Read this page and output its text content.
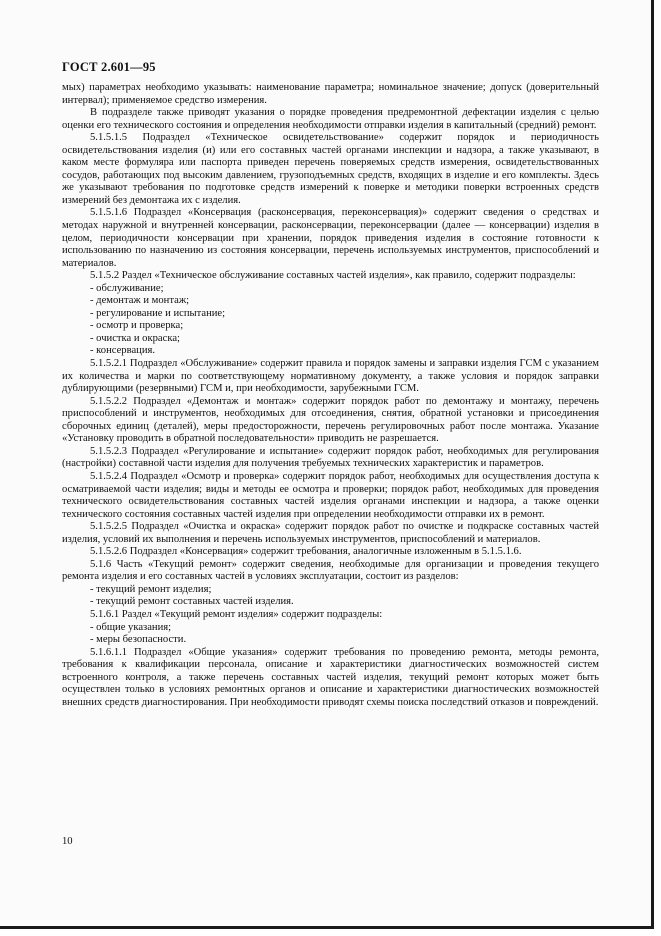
ГОСТ 2.601—95

мых) параметрах необходимо указывать: наименование параметра; номинальное значение; допуск (доверительный интервал); применяемое средство измерения.

В подразделе также приводят указания о порядке проведения предремонтной дефектации изделия с целью оценки его технического состояния и определения необходимости отправки изделия в капитальный (средний) ремонт.

5.1.5.1.5 Подраздел «Техническое освидетельствование» содержит порядок и периодичность освидетельствования изделия (и) или его составных частей органами инспекции и надзора, а также указывают, в каком месте формуляра или паспорта приведен перечень поверяемых средств измерения, освидетельствованных сосудов, работающих под высоким давлением, грузоподъемных средств, входящих в изделие и его комплекты. Здесь же указывают требования по подготовке средств измерений к поверке и методики поверки встроенных средств измерений без демонтажа их с изделия.

5.1.5.1.6 Подраздел «Консервация (расконсервация, переконсервация)» содержит сведения о средствах и методах наружной и внутренней консервации, расконсервации, переконсервации (далее — консервации) изделия в целом, периодичности консервации при хранении, порядок приведения изделия в состояние готовности к использованию по назначению из состояния консервации, перечень используемых инструментов, приспособлений и материалов.

5.1.5.2 Раздел «Техническое обслуживание составных частей изделия», как правило, содержит подразделы:

- обслуживание;

- демонтаж и монтаж;

- регулирование и испытание;

- осмотр и проверка;

- очистка и окраска;

- консервация.

5.1.5.2.1 Подраздел «Обслуживание» содержит правила и порядок замены и заправки изделия ГСМ с указанием их количества и марки по соответствующему нормативному документу, а также условия и порядок заправки дублирующими (резервными) ГСМ и, при необходимости, зарубежными ГСМ.

5.1.5.2.2 Подраздел «Демонтаж и монтаж» содержит порядок работ по демонтажу и монтажу, перечень приспособлений и инструментов, необходимых для отсоединения, снятия, обратной установки и присоединения сборочных единиц (деталей), меры предосторожности, перечень регулировочных работ после монтажа. Указание «Установку проводить в обратной последовательности» приводить не разрешается.

5.1.5.2.3 Подраздел «Регулирование и испытание» содержит порядок работ, необходимых для регулирования (настройки) составной части изделия для получения требуемых технических характеристик и параметров.

5.1.5.2.4 Подраздел «Осмотр и проверка» содержит порядок работ, необходимых для осуществления доступа к осматриваемой части изделия; виды и методы ее осмотра и проверки; порядок работ, необходимых для проведения технического освидетельствования составных частей изделия органами инспекции и надзора, а также оценки технического состояния составных частей изделия при определении необходимости отправки их в ремонт.

5.1.5.2.5 Подраздел «Очистка и окраска» содержит порядок работ по очистке и подкраске составных частей изделия, условий их выполнения и перечень используемых инструментов, приспособлений и материалов.

5.1.5.2.6 Подраздел «Консервация» содержит требования, аналогичные изложенным в 5.1.5.1.6.

5.1.6 Часть «Текущий ремонт» содержит сведения, необходимые для организации и проведения текущего ремонта изделия и его составных частей в условиях эксплуатации, состоит из разделов:

- текущий ремонт изделия;

- текущий ремонт составных частей изделия.

5.1.6.1 Раздел «Текущий ремонт изделия» содержит подразделы:

- общие указания;

- меры безопасности.

5.1.6.1.1 Подраздел «Общие указания» содержит требования по проведению ремонта, методы ремонта, требования к квалификации персонала, описание и характеристики диагностических возможностей систем встроенного контроля, а также перечень составных частей изделия, текущий ремонт которых может быть осуществлен только в условиях ремонтных органов и описание и характеристики диагностических возможностей внешних средств диагностирования. При необходимости приводят схемы поиска последствий отказов и повреждений.

10
